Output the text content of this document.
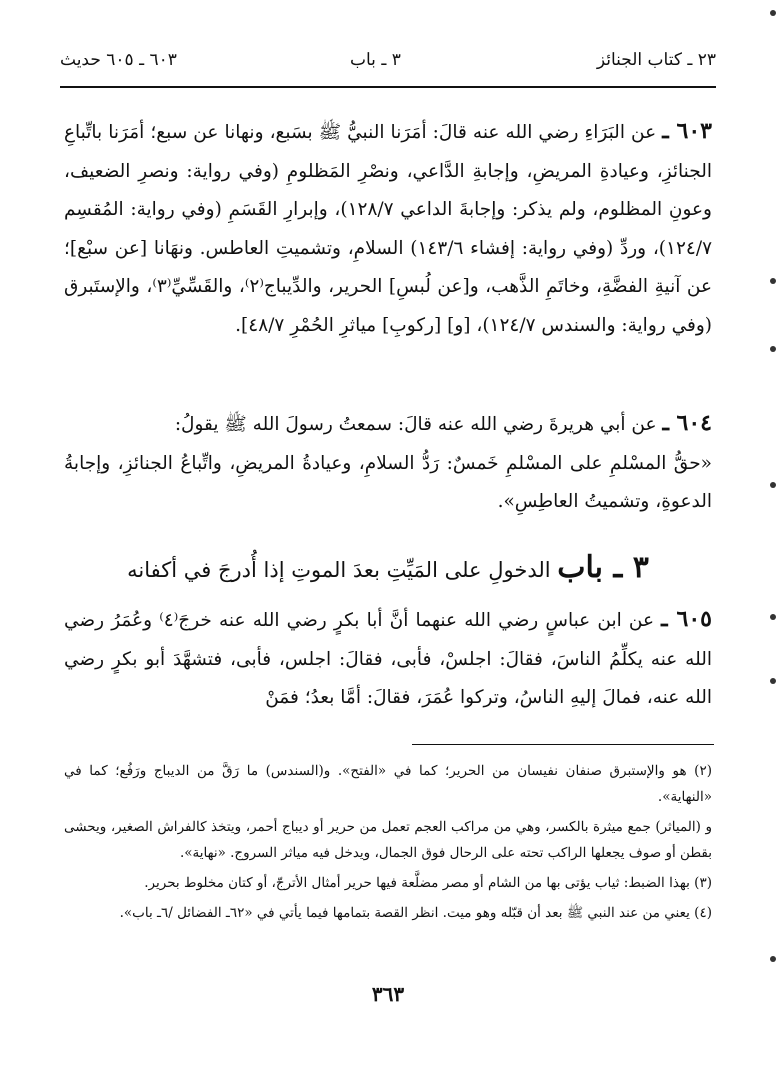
٢٣ ـ كتاب الجنائز
٣ ـ باب
٦٠٣ ـ ٦٠٥ حديث

٦٠٣ ـ عن البَرَاءِ رضي الله عنه قالَ: أمَرَنا النبيُّ ﷺ بسَبع، ونهانا عن سبع؛ أمَرَنا باتِّباعِ الجنائزِ، وعيادةِ المريضِ، وإجابةِ الدَّاعي، ونصْرِ المَظلومِ (وفي رواية: ونصرِ الضعيف، وعونِ المظلوم، ولم يذكر: وإجابةَ الداعي ١٢٨/٧)، وإبرارِ القَسَمِ (وفي رواية: المُقسِم ١٢٤/٧)، وردِّ (وفي رواية: إفشاء ١٤٣/٦) السلامِ، وتشميتِ العاطس. ونهَانا [عن سبْع]؛ عن آنيةِ الفضَّةِ، وخاتَمِ الذَّهب، و[عن لُبسِ] الحرير، والدِّيباج⁽٢⁾، والقَسِّيِّ⁽٣⁾، والإستَبرق (وفي رواية: والسندس ١٢٤/٧)، [و] [ركوبِ] مياثرِ الحُمْرِ ٤٨/٧].

٦٠٤ ـ عن أبي هريرةَ رضي الله عنه قالَ: سمعتُ رسولَ الله ﷺ يقولُ:

«حقُّ المسْلمِ على المسْلمِ خَمسٌ: رَدُّ السلامِ، وعيادةُ المريضِ، واتِّباعُ الجنائزِ، وإجابةُ الدعوةِ، وتشميتُ العاطِسِ».

٣ ـ باب الدخولِ على المَيِّتِ بعدَ الموتِ إذا أُدرجَ في أكفانه

٦٠٥ ـ عن ابن عباسٍ رضي الله عنهما أنَّ أبا بكرٍ رضي الله عنه خرجَ⁽٤⁾ وعُمَرُ رضي الله عنه يكلِّمُ الناسَ، فقالَ: اجلسْ، فأبى، فقالَ: اجلس، فأبى، فتشهَّدَ أبو بكرٍ رضي الله عنه، فمالَ إليهِ الناسُ، وتركوا عُمَرَ، فقالَ: أمَّا بعدُ؛ فمَنْ

(٢) هو والإستبرق صنفان نفيسان من الحرير؛ كما في «الفتح». و(السندس) ما رَقَّ من الديباج ورَفُع؛ كما في «النهاية».

و (المياثر) جمع ميثرة بالكسر، وهي من مراكب العجم تعمل من حرير أو ديباج أحمر، ويتخذ كالفراش الصغير، ويحشى بقطن أو صوف يجعلها الراكب تحته على الرحال فوق الجمال، ويدخل فيه مياثر السروج. «نهاية».

(٣) بهذا الضبط: ثياب يؤتى بها من الشام أو مصر مضلَّعة فيها حرير أمثال الأترجّ، أو كتان مخلوط بحرير.

(٤) يعني من عند النبي ﷺ بعد أن قبّله وهو ميت. انظر القصة بتمامها فيما يأتي في «٦٢ـ الفضائل /٦ـ باب».

٣٦٣
